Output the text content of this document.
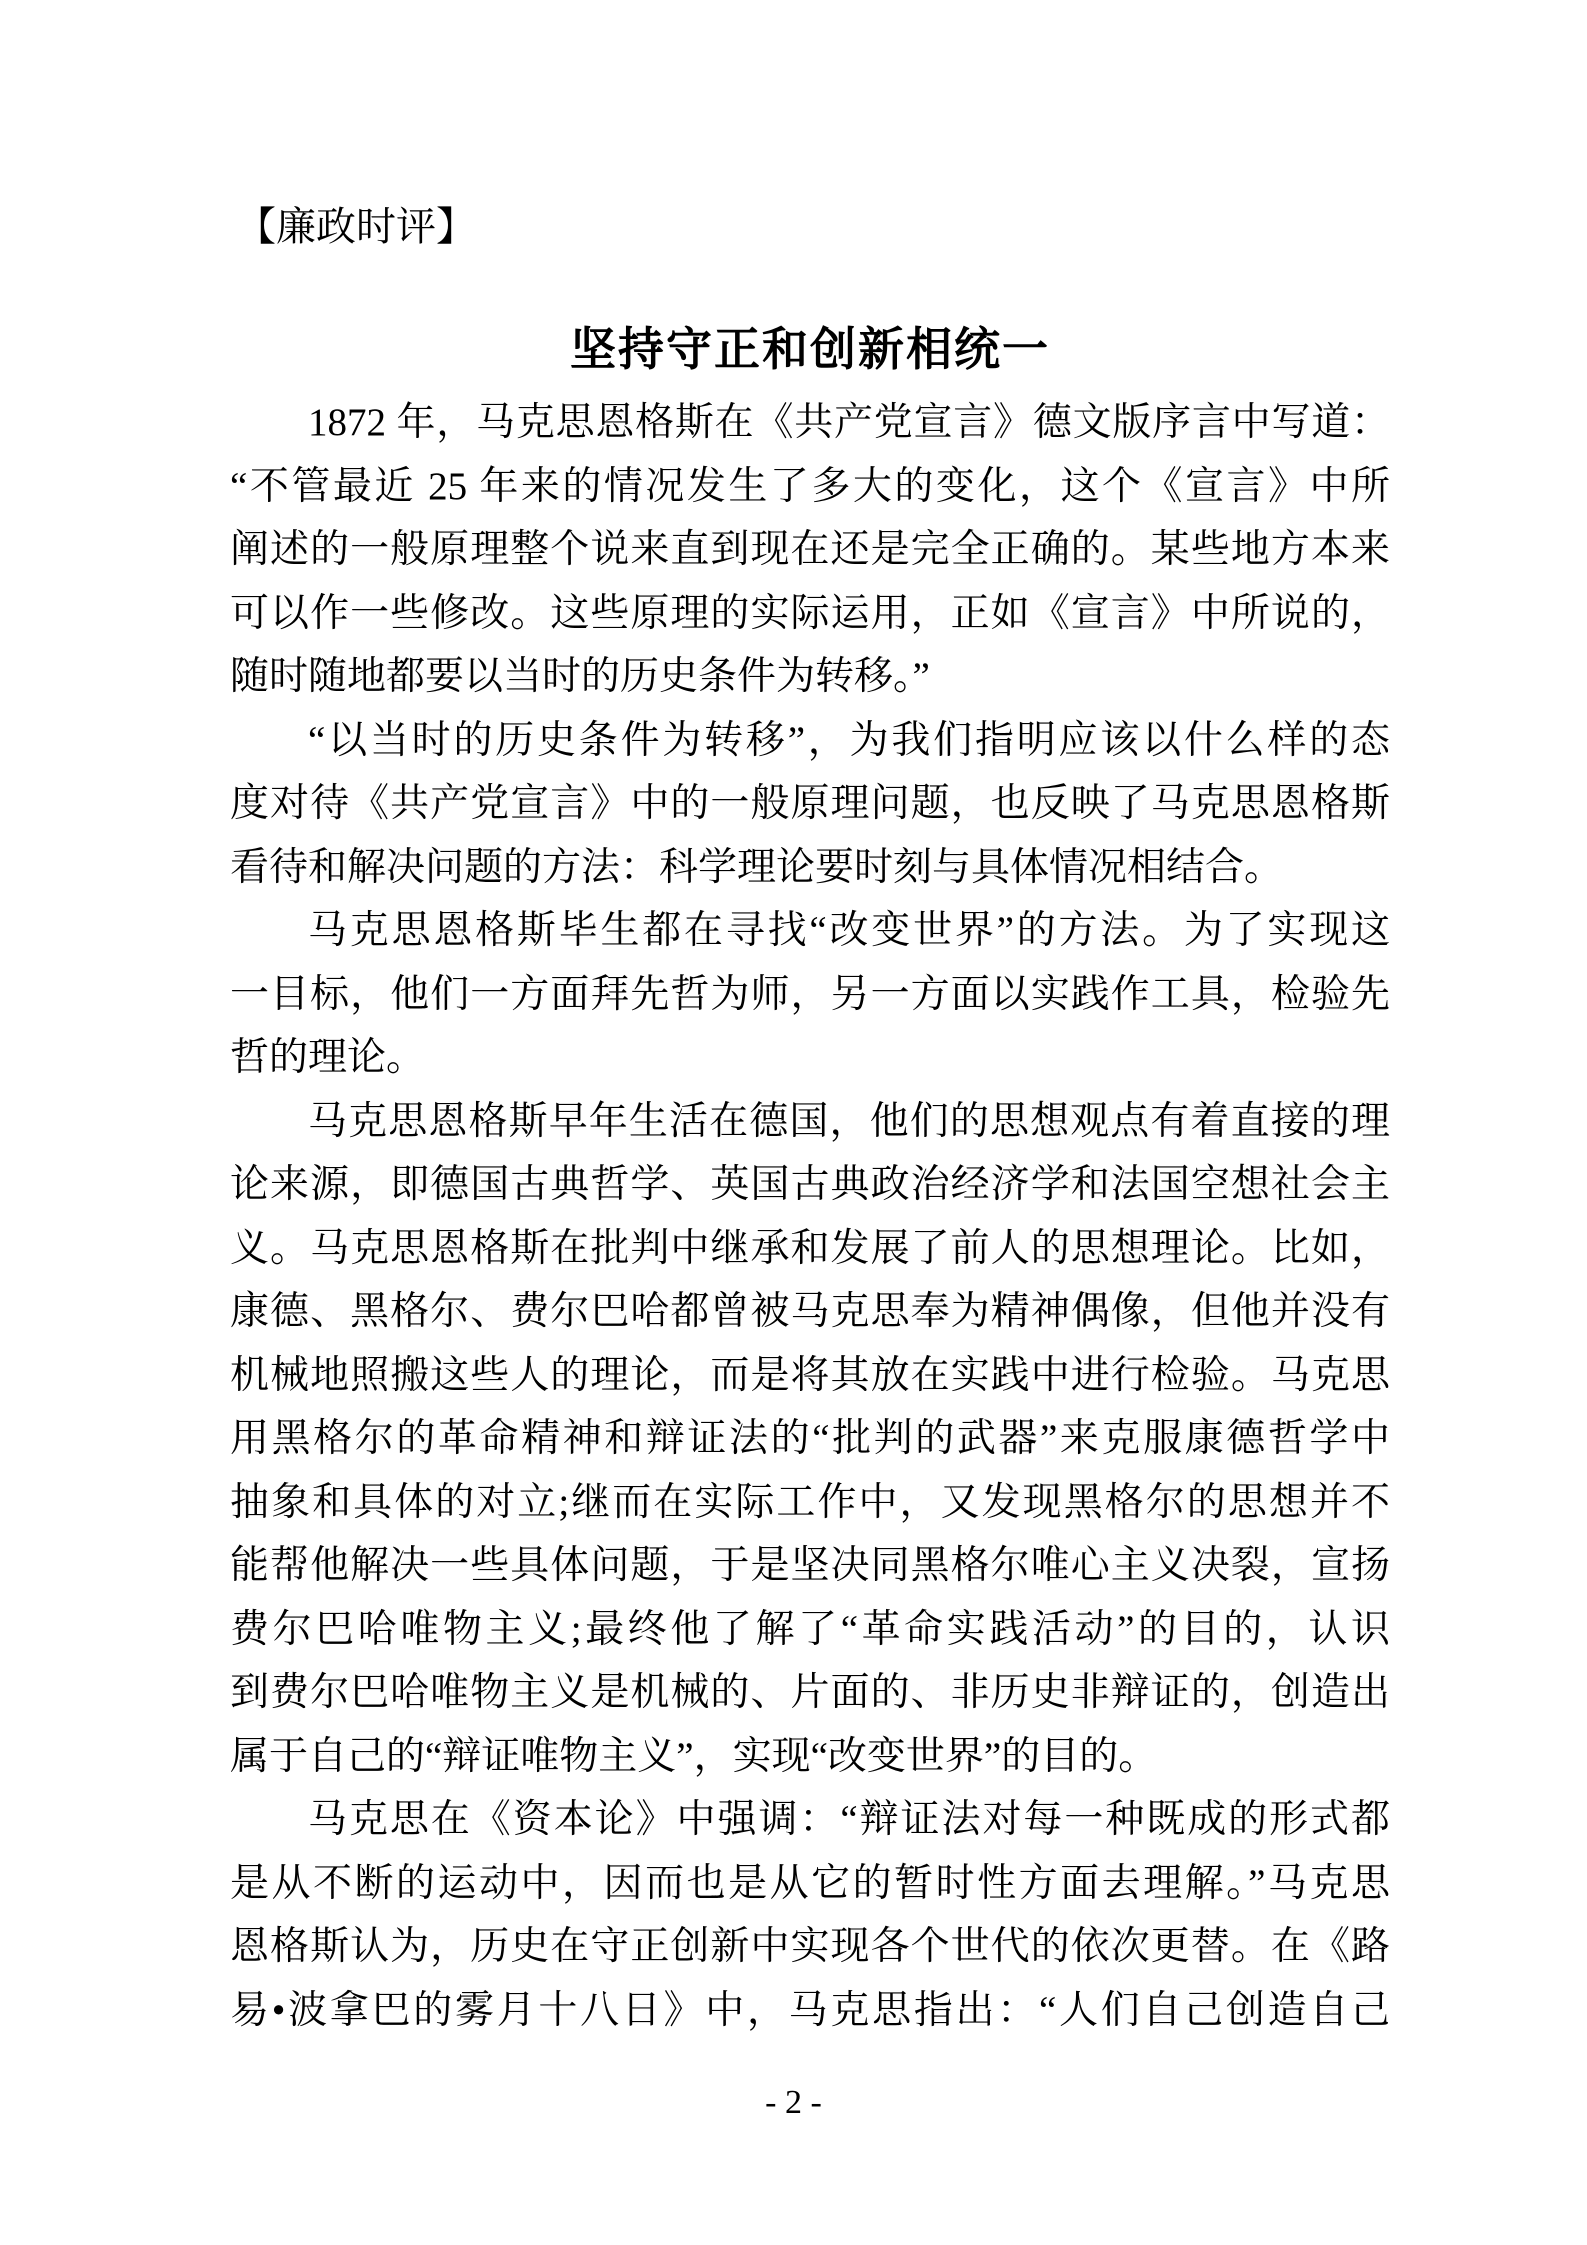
【廉政时评】
坚持守正和创新相统一
1872 年，马克思恩格斯在《共产党宣言》德文版序言中写道：
“不管最近 25 年来的情况发生了多大的变化，这个《宣言》中所
阐述的一般原理整个说来直到现在还是完全正确的。某些地方本来
可以作一些修改。这些原理的实际运用，正如《宣言》中所说的，
随时随地都要以当时的历史条件为转移。”
“以当时的历史条件为转移”，为我们指明应该以什么样的态
度对待《共产党宣言》中的一般原理问题，也反映了马克思恩格斯
看待和解决问题的方法：科学理论要时刻与具体情况相结合。
马克思恩格斯毕生都在寻找“改变世界”的方法。为了实现这
一目标，他们一方面拜先哲为师，另一方面以实践作工具，检验先
哲的理论。
马克思恩格斯早年生活在德国，他们的思想观点有着直接的理
论来源，即德国古典哲学、英国古典政治经济学和法国空想社会主
义。马克思恩格斯在批判中继承和发展了前人的思想理论。比如，
康德、黑格尔、费尔巴哈都曾被马克思奉为精神偶像，但他并没有
机械地照搬这些人的理论，而是将其放在实践中进行检验。马克思
用黑格尔的革命精神和辩证法的“批判的武器”来克服康德哲学中
抽象和具体的对立;继而在实际工作中，又发现黑格尔的思想并不
能帮他解决一些具体问题，于是坚决同黑格尔唯心主义决裂，宣扬
费尔巴哈唯物主义;最终他了解了“革命实践活动”的目的，认识
到费尔巴哈唯物主义是机械的、片面的、非历史非辩证的，创造出
属于自己的“辩证唯物主义”，实现“改变世界”的目的。
马克思在《资本论》中强调：“辩证法对每一种既成的形式都
是从不断的运动中，因而也是从它的暂时性方面去理解。”马克思
恩格斯认为，历史在守正创新中实现各个世代的依次更替。在《路
易•波拿巴的雾月十八日》中，马克思指出：“人们自己创造自己
- 2 -
